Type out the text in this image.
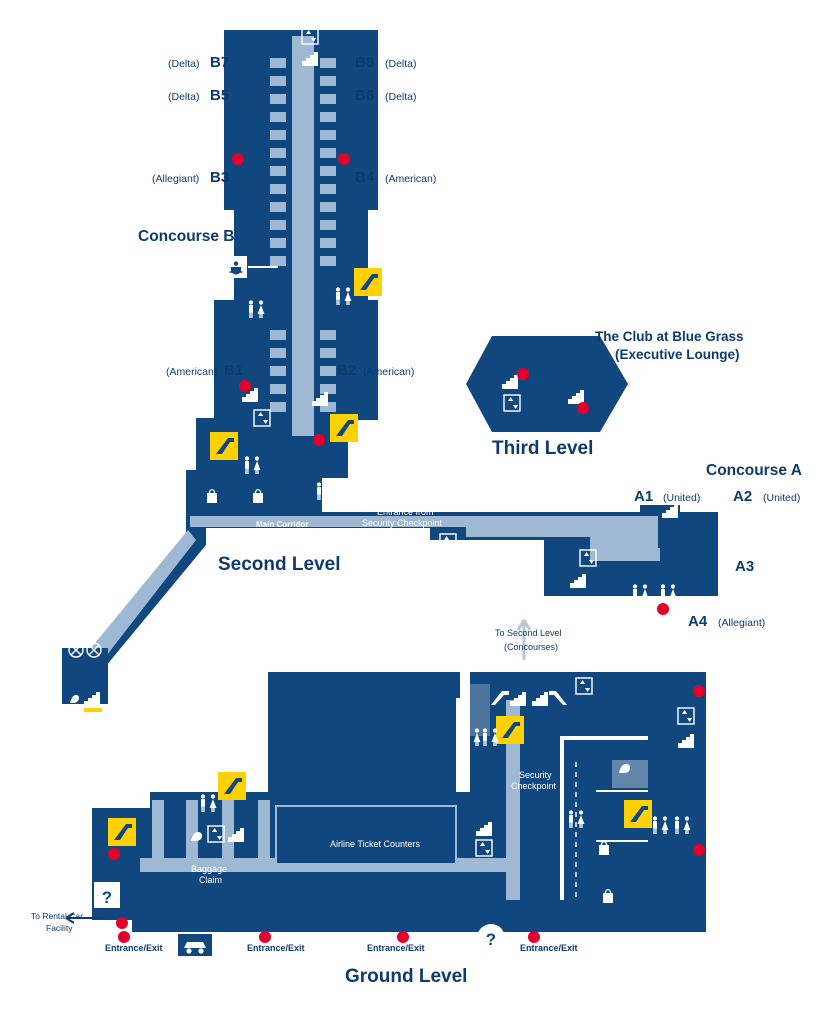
?
?
B7
(Delta)	B8 (Delta)
B5
(Delta)	B6 (Delta)
B3
(Allegiant)	B4 (American)
B1
(American)	B2 (American)
A1 (United) A2 (United)
A3
A4 (Allegiant)
Concourse B
Concourse A
The Club at Blue Grass
(Executive Lounge)
Second Level
Third Level
Ground Level
Main Corridor
Entrance from
Security Checkpoint
Exit Corridor
To Second Level
(Concourses)
Security
Checkpoint
Airline Ticket Counters
Baggage
Claim
To Rental Car
Facility
Entrance/Exit	Entrance/Exit	Entrance/Exit	Entrance/Exit
